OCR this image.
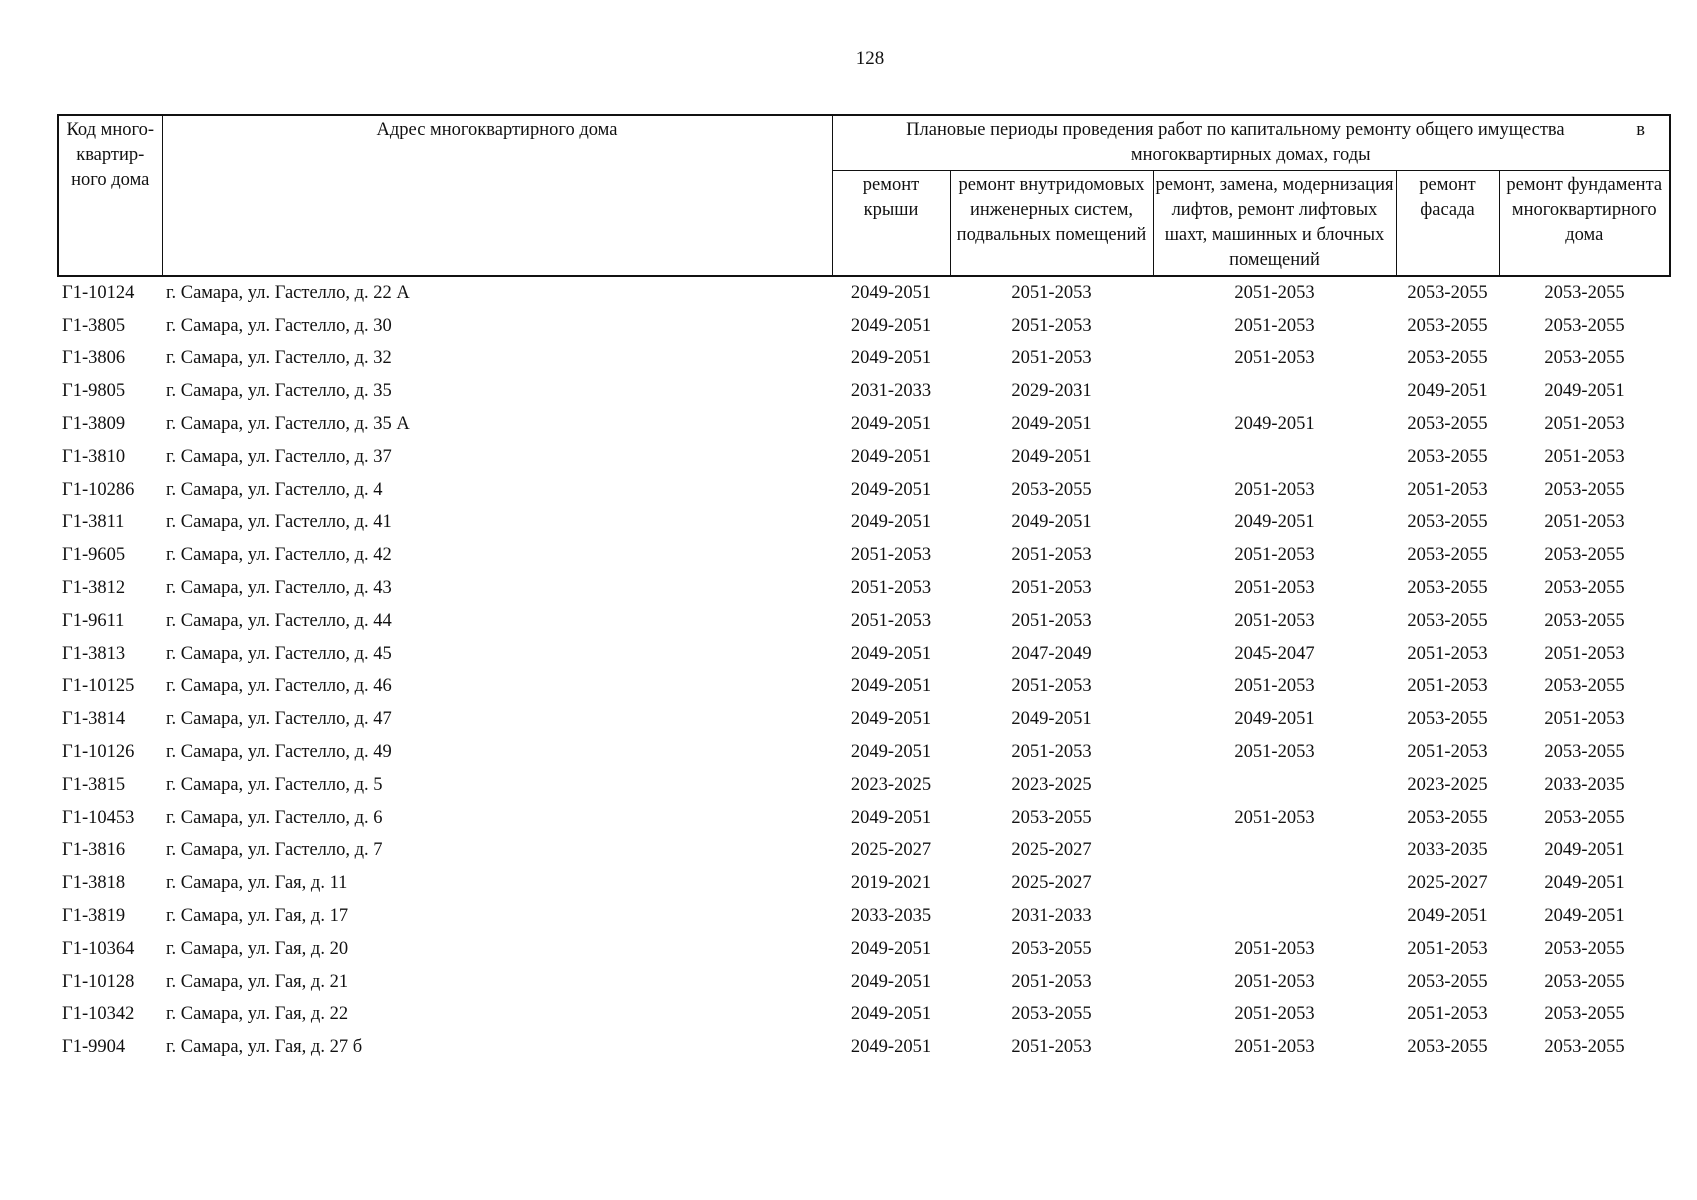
128
Код много-квартир-ного дома	Адрес многоквартирного дома	в
Плановые периоды проведения работ по капитальному ремонту общего имущества
многоквартирных домах, годы				
		ремонт крыши	ремонт внутридомовых инженерных систем, подвальных помещений	ремонт, замена, модернизация лифтов, ремонт лифтовых шахт, машинных и блочных помещений	ремонт фасада	ремонт фундамента многоквартирного дома
Г1-10124	г. Самара, ул. Гастелло, д. 22 А	2049-2051	2051-2053	2051-2053	2053-2055	2053-2055
Г1-3805	г. Самара, ул. Гастелло, д. 30	2049-2051	2051-2053	2051-2053	2053-2055	2053-2055
Г1-3806	г. Самара, ул. Гастелло, д. 32	2049-2051	2051-2053	2051-2053	2053-2055	2053-2055
Г1-9805	г. Самара, ул. Гастелло, д. 35	2031-2033	2029-2031		2049-2051	2049-2051
Г1-3809	г. Самара, ул. Гастелло, д. 35 А	2049-2051	2049-2051	2049-2051	2053-2055	2051-2053
Г1-3810	г. Самара, ул. Гастелло, д. 37	2049-2051	2049-2051		2053-2055	2051-2053
Г1-10286	г. Самара, ул. Гастелло, д. 4	2049-2051	2053-2055	2051-2053	2051-2053	2053-2055
Г1-3811	г. Самара, ул. Гастелло, д. 41	2049-2051	2049-2051	2049-2051	2053-2055	2051-2053
Г1-9605	г. Самара, ул. Гастелло, д. 42	2051-2053	2051-2053	2051-2053	2053-2055	2053-2055
Г1-3812	г. Самара, ул. Гастелло, д. 43	2051-2053	2051-2053	2051-2053	2053-2055	2053-2055
Г1-9611	г. Самара, ул. Гастелло, д. 44	2051-2053	2051-2053	2051-2053	2053-2055	2053-2055
Г1-3813	г. Самара, ул. Гастелло, д. 45	2049-2051	2047-2049	2045-2047	2051-2053	2051-2053
Г1-10125	г. Самара, ул. Гастелло, д. 46	2049-2051	2051-2053	2051-2053	2051-2053	2053-2055
Г1-3814	г. Самара, ул. Гастелло, д. 47	2049-2051	2049-2051	2049-2051	2053-2055	2051-2053
Г1-10126	г. Самара, ул. Гастелло, д. 49	2049-2051	2051-2053	2051-2053	2051-2053	2053-2055
Г1-3815	г. Самара, ул. Гастелло, д. 5	2023-2025	2023-2025		2023-2025	2033-2035
Г1-10453	г. Самара, ул. Гастелло, д. 6	2049-2051	2053-2055	2051-2053	2053-2055	2053-2055
Г1-3816	г. Самара, ул. Гастелло, д. 7	2025-2027	2025-2027		2033-2035	2049-2051
Г1-3818	г. Самара, ул. Гая, д. 11	2019-2021	2025-2027		2025-2027	2049-2051
Г1-3819	г. Самара, ул. Гая, д. 17	2033-2035	2031-2033		2049-2051	2049-2051
Г1-10364	г. Самара, ул. Гая, д. 20	2049-2051	2053-2055	2051-2053	2051-2053	2053-2055
Г1-10128	г. Самара, ул. Гая, д. 21	2049-2051	2051-2053	2051-2053	2053-2055	2053-2055
Г1-10342	г. Самара, ул. Гая, д. 22	2049-2051	2053-2055	2051-2053	2051-2053	2053-2055
Г1-9904	г. Самара, ул. Гая, д. 27 б	2049-2051	2051-2053	2051-2053	2053-2055	2053-2055
